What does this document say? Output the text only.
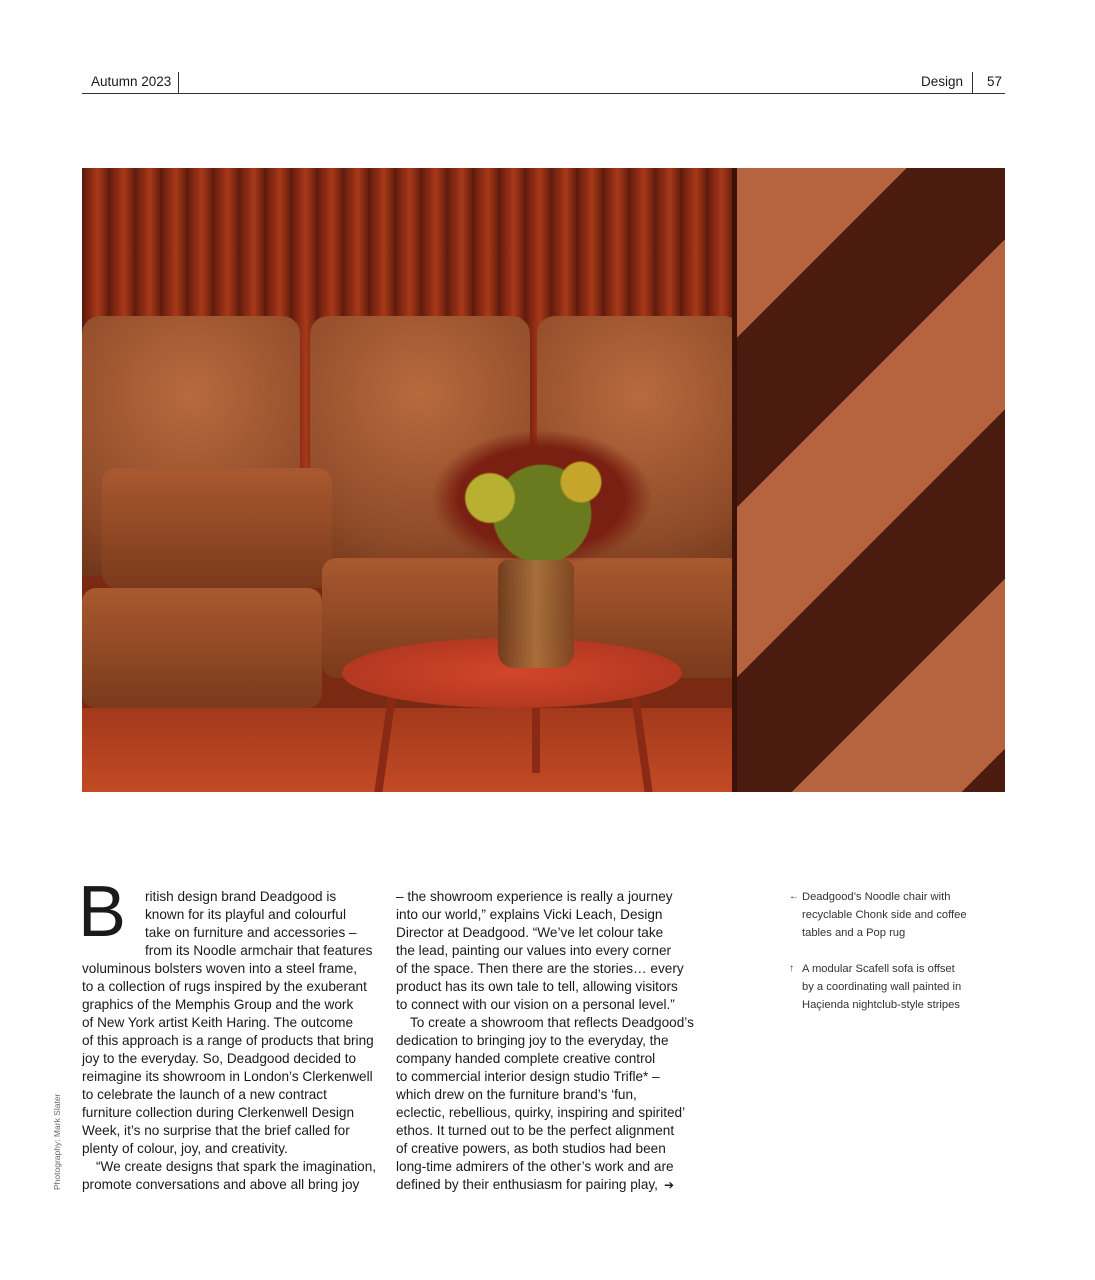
Autumn 2023	Design 57
B	ritish design brand Deadgood is
known for its playful and colourful
take on furniture and accessories –
from its Noodle armchair that features
voluminous bolsters woven into a steel frame,
to a collection of rugs inspired by the exuberant
graphics of the Memphis Group and the work
of New York artist Keith Haring. The outcome
of this approach is a range of products that bring
joy to the everyday. So, Deadgood decided to
reimagine its showroom in London’s Clerkenwell
to celebrate the launch of a new contract
furniture collection during Clerkenwell Design
Week, it’s no surprise that the brief called for
plenty of colour, joy, and creativity.
“We create designs that spark the imagination,
promote conversations and above all bring joy
– the showroom experience is really a journey
into our world,” explains Vicki Leach, Design
Director at Deadgood. “We’ve let colour take
the lead, painting our values into every corner
of the space. Then there are the stories… every
product has its own tale to tell, allowing visitors
to connect with our vision on a personal level.”
To create a showroom that reflects Deadgood’s
dedication to bringing joy to the everyday, the
company handed complete creative control
to commercial interior design studio Trifle* –
which drew on the furniture brand’s ‘fun,
eclectic, rebellious, quirky, inspiring and spirited’
ethos. It turned out to be the perfect alignment
of creative powers, as both studios had been
long-time admirers of the other’s work and are
defined by their enthusiasm for pairing play, ➔
← Deadgood’s Noodle chair with
recyclable Chonk side and coffee
tables and a Pop rug
↑ A modular Scafell sofa is offset
by a coordinating wall painted in
Haçienda nightclub-style stripes
Photography: Mark Slater
